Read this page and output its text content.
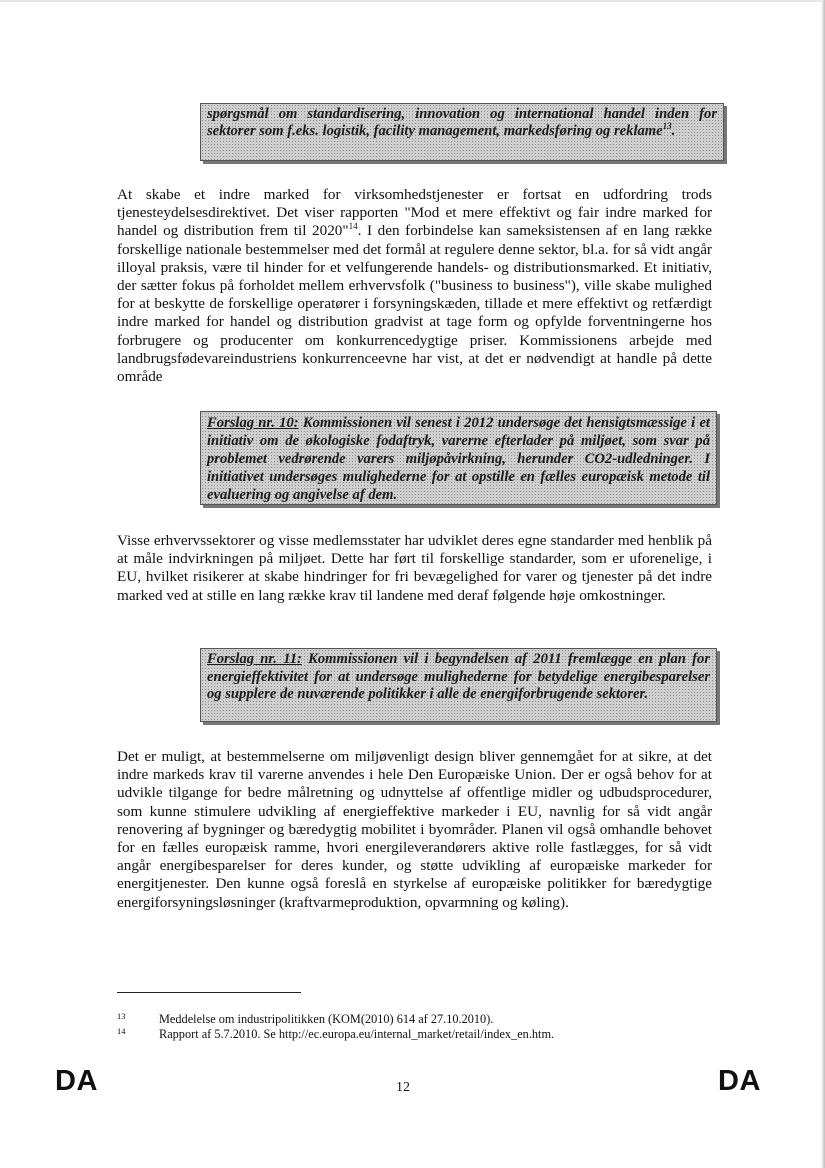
spørgsmål om standardisering, innovation og international handel inden for sektorer som f.eks. logistik, facility management, markedsføring og reklame$^{13}$.

At skabe et indre marked for virksomhedstjenester er fortsat en udfordring trods tjenesteydelsesdirektivet. Det viser rapporten "Mod et mere effektivt og fair indre marked for handel og distribution frem til 2020"$^{14}$. I den forbindelse kan sameksistensen af en lang række forskellige nationale bestemmelser med det formål at regulere denne sektor, bl.a. for så vidt angår illoyal praksis, være til hinder for et velfungerende handels- og distributionsmarked. Et initiativ, der sætter fokus på forholdet mellem erhvervsfolk ("business to business"), ville skabe mulighed for at beskytte de forskellige operatører i forsyningskæden, tillade et mere effektivt og retfærdigt indre marked for handel og distribution gradvist at tage form og opfylde forventningerne hos forbrugere og producenter om konkurrencedygtige priser. Kommissionens arbejde med landbrugsfødevareindustriens konkurrenceevne har vist, at det er nødvendigt at handle på dette område

Forslag nr. 10: Kommissionen vil senest i 2012 undersøge det hensigtsmæssige i et initiativ om de økologiske fodaftryk, varerne efterlader på miljøet, som svar på problemet vedrørende varers miljøpåvirkning, herunder CO2-udledninger. I initiativet undersøges mulighederne for at opstille en fælles europæisk metode til evaluering og angivelse af dem.

Visse erhvervssektorer og visse medlemsstater har udviklet deres egne standarder med henblik på at måle indvirkningen på miljøet. Dette har ført til forskellige standarder, som er uforenelige, i EU, hvilket risikerer at skabe hindringer for fri bevægelighed for varer og tjenester på det indre marked ved at stille en lang række krav til landene med deraf følgende høje omkostninger.

Forslag nr. 11: Kommissionen vil i begyndelsen af 2011 fremlægge en plan for energieffektivitet for at undersøge mulighederne for betydelige energibesparelser og supplere de nuværende politikker i alle de energiforbrugende sektorer.

Det er muligt, at bestemmelserne om miljøvenligt design bliver gennemgået for at sikre, at det indre markeds krav til varerne anvendes i hele Den Europæiske Union. Der er også behov for at udvikle tilgange for bedre målretning og udnyttelse af offentlige midler og udbudsprocedurer, som kunne stimulere udvikling af energieffektive markeder i EU, navnlig for så vidt angår renovering af bygninger og bæredygtig mobilitet i byområder. Planen vil også omhandle behovet for en fælles europæisk ramme, hvori energileverandørers aktive rolle fastlægges, for så vidt angår energibesparelser for deres kunder, og støtte udvikling af europæiske markeder for energitjenester. Den kunne også foreslå en styrkelse af europæiske politikker for bæredygtige energiforsyningsløsninger (kraftvarmeproduktion, opvarmning og køling).

13	Meddelelse om industripolitikken (KOM(2010) 614 af 27.10.2010).
14	Rapport af 5.7.2010. Se http://ec.europa.eu/internal_market/retail/index_en.htm.
DA	12	DA
